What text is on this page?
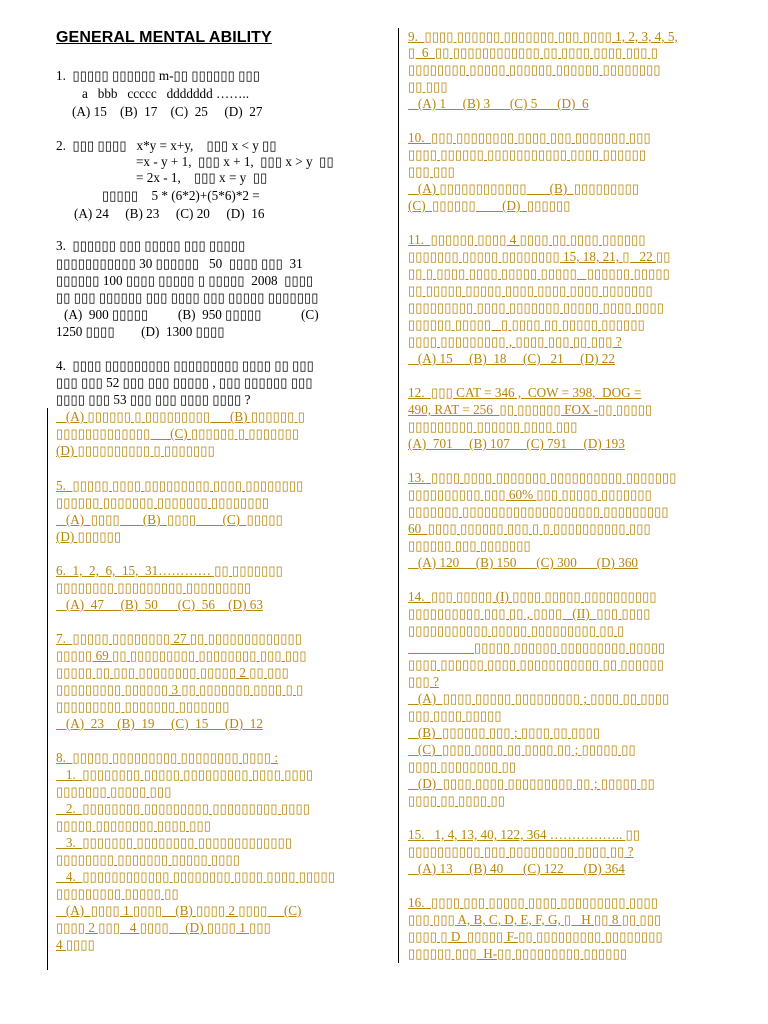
GENERAL MENTAL ABILITY
1.  ▯▯▯▯▯ ▯▯▯▯▯▯ m-▯▯ ▯▯▯▯▯▯ ▯▯▯
a   bbb   ccccc   ddddddd ……..
(A) 15    (B)  17    (C)  25     (D)  27
2.  ▯▯▯ ▯▯▯▯   x*y = x+y,    ▯▯▯ x < y ▯▯
=x - y + 1,  ▯▯▯ x + 1,  ▯▯▯ x > y  ▯▯
= 2x - 1,    ▯▯▯ x = y  ▯▯
▯▯▯▯▯    5 * (6*2)+(5*6)*2 =
(A) 24     (B) 23     (C) 20     (D)  16
3.  ▯▯▯▯▯▯ ▯▯▯ ▯▯▯▯▯ ▯▯▯ ▯▯▯▯▯
▯▯▯▯▯▯▯▯▯▯▯ 30 ▯▯▯▯▯▯   50  ▯▯▯▯ ▯▯▯  31
▯▯▯▯▯▯ 100 ▯▯▯▯ ▯▯▯▯▯ ▯ ▯▯▯▯▯  2008  ▯▯▯▯
▯▯ ▯▯▯ ▯▯▯▯▯▯ ▯▯▯ ▯▯▯▯ ▯▯▯ ▯▯▯▯▯ ▯▯▯▯▯▯▯
(A)  900 ▯▯▯▯▯         (B)  950 ▯▯▯▯▯            (C)
1250 ▯▯▯▯        (D)  1300 ▯▯▯▯
4.  ▯▯▯▯ ▯▯▯▯▯▯▯▯▯ ▯▯▯▯▯▯▯▯▯ ▯▯▯▯ ▯▯ ▯▯▯
▯▯▯ ▯▯▯ 52 ▯▯▯ ▯▯▯ ▯▯▯▯▯ , ▯▯▯ ▯▯▯▯▯▯ ▯▯▯
▯▯▯▯ ▯▯▯ 53 ▯▯▯ ▯▯▯ ▯▯▯▯ ▯▯▯▯ ?
(A) ▯▯▯▯▯▯ ▯ ▯▯▯▯▯▯▯▯▯      (B) ▯▯▯▯▯▯ ▯
▯▯▯▯▯▯▯▯▯▯▯▯▯      (C) ▯▯▯▯▯▯ ▯ ▯▯▯▯▯▯▯
(D) ▯▯▯▯▯▯▯▯▯▯ ▯ ▯▯▯▯▯▯▯
5.  ▯▯▯▯▯ ▯▯▯▯ ▯▯▯▯▯▯▯▯▯ ▯▯▯▯ ▯▯▯▯▯▯▯▯
▯▯▯▯▯▯ ▯▯▯▯▯▯▯ ▯▯▯▯▯▯▯ ▯▯▯▯▯▯▯▯
(A)  ▯▯▯▯       (B)  ▯▯▯▯        (C)  ▯▯▯▯▯
(D) ▯▯▯▯▯▯
6.  1,  2,  6,  15,  31………… ▯▯ ▯▯▯▯▯▯▯
▯▯▯▯▯▯▯▯ ▯▯▯▯▯▯▯▯▯ ▯▯▯▯▯▯▯▯▯
(A)  47     (B)  50      (C)  56    (D) 63
7.  ▯▯▯▯▯ ▯▯▯▯▯▯▯▯ 27 ▯▯ ▯▯▯▯▯▯▯▯▯▯▯▯▯
▯▯▯▯▯ 69 ▯▯ ▯▯▯▯▯▯▯▯▯ ▯▯▯▯▯▯▯▯ ▯▯▯ ▯▯▯
▯▯▯▯▯ ▯▯ ▯▯▯ ▯▯▯▯▯▯▯▯ ▯▯▯▯▯ 2 ▯▯ ▯▯▯
▯▯▯▯▯▯▯▯▯ ▯▯▯▯▯▯ 3 ▯▯ ▯▯▯▯▯▯▯ ▯▯▯▯ ▯ ▯
▯▯▯▯▯▯▯▯▯ ▯▯▯▯▯▯▯ ▯▯▯▯▯▯▯
(A)  23    (B)  19     (C)  15     (D)  12
8.  ▯▯▯▯▯ ▯▯▯▯▯▯▯▯▯ ▯▯▯▯▯▯▯▯ ▯▯▯▯ :
1.  ▯▯▯▯▯▯▯▯ ▯▯▯▯▯ ▯▯▯▯▯▯▯▯▯ ▯▯▯▯ ▯▯▯▯
▯▯▯▯▯▯▯ ▯▯▯▯▯ ▯▯▯
2.  ▯▯▯▯▯▯▯▯ ▯▯▯▯▯▯▯▯▯ ▯▯▯▯▯▯▯▯▯ ▯▯▯▯
▯▯▯▯▯ ▯▯▯▯▯▯▯▯ ▯▯▯▯ ▯▯▯
3.  ▯▯▯▯▯▯▯ ▯▯▯▯▯▯▯▯ ▯▯▯▯▯▯▯▯▯▯▯▯▯
▯▯▯▯▯▯▯▯ ▯▯▯▯▯▯▯ ▯▯▯▯▯ ▯▯▯▯
4.  ▯▯▯▯▯▯▯▯▯▯▯▯ ▯▯▯▯▯▯▯▯ ▯▯▯▯ ▯▯▯▯ ▯▯▯▯▯
▯▯▯▯▯▯▯▯▯ ▯▯▯▯▯ ▯▯
(A)  ▯▯▯▯ 1 ▯▯▯▯    (B) ▯▯▯▯ 2 ▯▯▯▯     (C)
▯▯▯▯ 2 ▯▯▯   4 ▯▯▯▯     (D) ▯▯▯▯ 1 ▯▯▯
4 ▯▯▯▯
9.  ▯▯▯▯ ▯▯▯▯▯▯ ▯▯▯▯▯▯▯ ▯▯▯ ▯▯▯▯ 1, 2, 3, 4, 5,
▯  6  ▯▯ ▯▯▯▯▯▯▯▯▯▯▯▯ ▯▯ ▯▯▯▯ ▯▯▯▯ ▯▯▯ ▯
▯▯▯▯▯▯▯▯ ▯▯▯▯▯ ▯▯▯▯▯▯ ▯▯▯▯▯▯ ▯▯▯▯▯▯▯▯
▯▯ ▯▯▯
(A) 1     (B) 3      (C) 5      (D)  6
10.  ▯▯▯ ▯▯▯▯▯▯▯▯ ▯▯▯▯ ▯▯▯ ▯▯▯▯▯▯▯ ▯▯▯
▯▯▯▯ ▯▯▯▯▯▯ ▯▯▯▯▯▯▯▯▯▯▯ ▯▯▯▯ ▯▯▯▯▯▯
▯▯▯ ▯▯▯
(A) ▯▯▯▯▯▯▯▯▯▯▯▯       (B)  ▯▯▯▯▯▯▯▯▯
(C)  ▯▯▯▯▯▯        (D)  ▯▯▯▯▯▯
11.  ▯▯▯▯▯▯ ▯▯▯▯ 4 ▯▯▯▯ ▯▯ ▯▯▯▯ ▯▯▯▯▯▯
▯▯▯▯▯▯▯ ▯▯▯▯▯ ▯▯▯▯▯▯▯▯ 15, 18, 21, ▯   22 ▯▯
▯▯ ▯ ▯▯▯▯ ▯▯▯▯ ▯▯▯▯▯ ▯▯▯▯▯   ▯▯▯▯▯▯ ▯▯▯▯▯
▯▯ ▯▯▯▯▯ ▯▯▯▯▯ ▯▯▯▯ ▯▯▯▯ ▯▯▯▯ ▯▯▯▯▯▯▯
▯▯▯▯▯▯▯▯▯ ▯▯▯▯ ▯▯▯▯▯▯▯ ▯▯▯▯▯ ▯▯▯▯ ▯▯▯▯
▯▯▯▯▯▯ ▯▯▯▯▯   ▯ ▯▯▯▯ ▯▯ ▯▯▯▯▯ ▯▯▯▯▯▯
▯▯▯▯ ▯▯▯▯▯▯▯▯▯ , ▯▯▯▯ ▯▯▯ ▯▯ ▯▯▯ ?
(A) 15     (B)  18     (C)   21     (D) 22
12.  ▯▯▯ CAT = 346 ,  COW = 398,  DOG =
490, RAT = 256  ▯▯ ▯▯▯▯▯▯ FOX -▯▯ ▯▯▯▯▯
▯▯▯▯▯▯▯▯▯ ▯▯▯▯▯▯ ▯▯▯▯ ▯▯▯
(A)  701     (B) 107     (C) 791     (D) 193
13.  ▯▯▯▯ ▯▯▯▯ ▯▯▯▯▯▯▯ ▯▯▯▯▯▯▯▯▯▯ ▯▯▯▯▯▯▯
▯▯▯▯▯▯▯▯▯▯ ▯▯▯ 60% ▯▯▯ ▯▯▯▯▯ ▯▯▯▯▯▯▯
▯▯▯▯▯▯▯ ▯▯▯▯▯▯▯▯▯▯▯▯▯▯▯▯▯▯▯ ▯▯▯▯▯▯▯▯▯
60  ▯▯▯▯ ▯▯▯▯▯▯ ▯▯▯ ▯ ▯ ▯▯▯▯▯▯▯▯▯▯ ▯▯▯
▯▯▯▯▯▯ ▯▯▯ ▯▯▯▯▯▯▯
(A) 120     (B) 150      (C) 300      (D) 360
14.  ▯▯▯ ▯▯▯▯▯ (I) ▯▯▯▯ ▯▯▯▯▯ ▯▯▯▯▯▯▯▯▯▯
▯▯▯▯▯▯▯▯▯▯ ▯▯▯ ▯▯ , ▯▯▯▯   (II)  ▯▯▯ ▯▯▯▯
▯▯▯▯▯▯▯▯▯▯▯ ▯▯▯▯▯ ▯▯▯▯▯▯▯▯▯ ▯▯ ▯
__________▯▯▯▯▯ ▯▯▯▯▯▯ ▯▯▯▯▯▯▯▯▯ ▯▯▯▯▯
▯▯▯▯ ▯▯▯▯▯▯ ▯▯▯▯ ▯▯▯▯▯▯▯▯▯▯▯ ▯▯ ▯▯▯▯▯▯
▯▯▯ ?
(A)  ▯▯▯▯ ▯▯▯▯▯ ▯▯▯▯▯▯▯▯▯ ; ▯▯▯▯ ▯▯ ▯▯▯▯
▯▯▯ ▯▯▯▯ ▯▯▯▯▯
(B)  ▯▯▯▯▯▯ ▯▯▯ ; ▯▯▯▯ ▯▯ ▯▯▯▯
(C)  ▯▯▯▯ ▯▯▯▯ ▯▯ ▯▯▯▯ ▯▯ ; ▯▯▯▯▯ ▯▯
▯▯▯▯ ▯▯▯▯▯▯▯▯ ▯▯
(D)  ▯▯▯▯ ▯▯▯▯ ▯▯▯▯▯▯▯▯▯ ▯▯ ; ▯▯▯▯▯ ▯▯
▯▯▯▯ ▯▯ ▯▯▯▯ ▯▯
15.   1, 4, 13, 40, 122, 364 …………….. ▯▯
▯▯▯▯▯▯▯▯▯▯ ▯▯▯ ▯▯▯▯▯▯▯▯▯ ▯▯▯▯ ▯▯ ?
(A) 13     (B) 40      (C) 122      (D) 364
16.  ▯▯▯▯ ▯▯▯ ▯▯▯▯▯ ▯▯▯▯ ▯▯▯▯▯▯▯▯▯ ▯▯▯▯
▯▯▯ ▯▯▯ A, B, C, D, E, F, G, ▯   H ▯▯ 8 ▯▯ ▯▯▯
▯▯▯▯ ▯ D  ▯▯▯▯▯ F-▯▯ ▯▯▯▯▯▯▯▯▯ ▯▯▯▯▯▯▯▯
▯▯▯▯▯▯ ▯▯▯  H-▯▯ ▯▯▯▯▯▯▯▯▯ ▯▯▯▯▯▯
